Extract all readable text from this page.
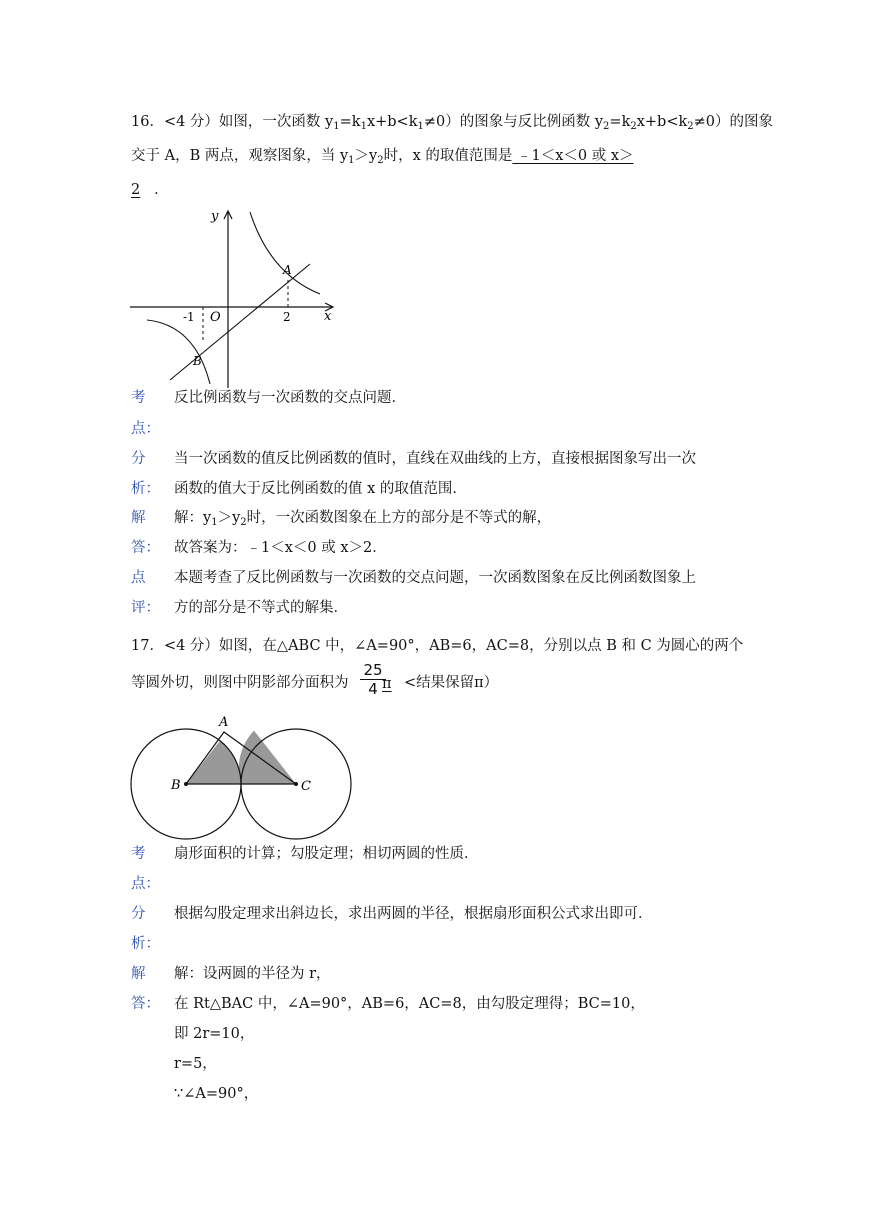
16．<4 分）如图，一次函数 $y_1=k_1x+b<k_1\ne 0$）的图象与反比例函数 $y_2=k_2x+b<k_2\ne 0$）的图象
交于 A，B 两点，观察图象，当 $y_1>y_2$时，x 的取值范围是 ﹣1＜x＜0 或 x＞
2 ．
y
x
O
-1	2
A
B
考 反比例函数与一次函数的交点问题．
点：
分 当一次函数的值反比例函数的值时，直线在双曲线的上方，直接根据图象写出一次
析： 函数的值大于反比例函数的值 x 的取值范围．
解 解：$y_1>y_2$时，一次函数图象在上方的部分是不等式的解，
答： 故答案为：﹣1＜x＜0 或 x＞2．
点 本题考查了反比例函数与一次函数的交点问题，一次函数图象在反比例函数图象上
评： 方的部分是不等式的解集．
17．<4 分）如图，在△ABC 中，∠A=90°，AB=6，AC=8，分别以点 B 和 C 为圆心的两个
等圆外切，则图中阴影部分面积为 $\frac{25}{4}$
π <结果保留π）
A
B	C
考 扇形面积的计算；勾股定理；相切两圆的性质．
点：
分 根据勾股定理求出斜边长，求出两圆的半径，根据扇形面积公式求出即可．
析：
解 解：设两圆的半径为 r，
答： 在 Rt△BAC 中，∠A=90°，AB=6，AC=8，由勾股定理得；BC=10，
即 2r=10，
r=5，
∵∠A=90°，
